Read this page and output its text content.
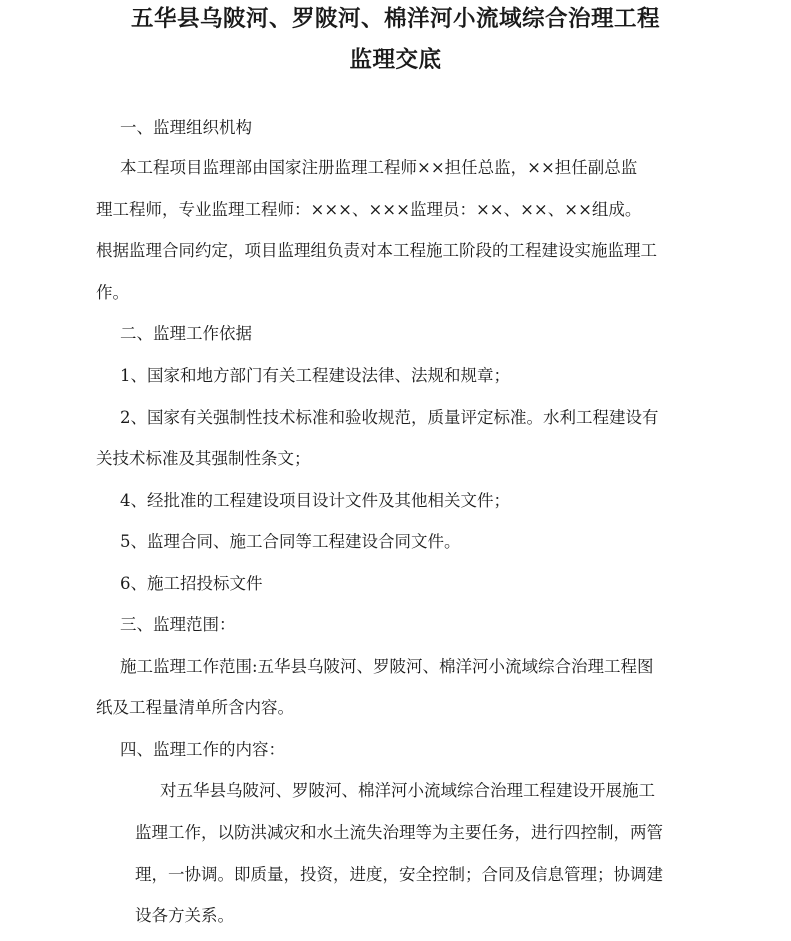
五华县乌陂河、罗陂河、棉洋河小流域综合治理工程
监理交底
一、监理组织机构
本工程项目监理部由国家注册监理工程师××担任总监，××担任副总监
理工程师，专业监理工程师：×××、×××监理员：××、××、××组成。
根据监理合同约定，项目监理组负责对本工程施工阶段的工程建设实施监理工
作。
二、监理工作依据
1、国家和地方部门有关工程建设法律、法规和规章；
2、国家有关强制性技术标准和验收规范，质量评定标准。水利工程建设有
关技术标准及其强制性条文；
4、经批准的工程建设项目设计文件及其他相关文件；
5、监理合同、施工合同等工程建设合同文件。
6、施工招投标文件
三、监理范围：
施工监理工作范围:五华县乌陂河、罗陂河、棉洋河小流域综合治理工程图
纸及工程量清单所含内容。
四、监理工作的内容：
对五华县乌陂河、罗陂河、棉洋河小流域综合治理工程建设开展施工
监理工作，以防洪减灾和水土流失治理等为主要任务，进行四控制，两管
理，一协调。即质量，投资，进度，安全控制；合同及信息管理；协调建
设各方关系。
